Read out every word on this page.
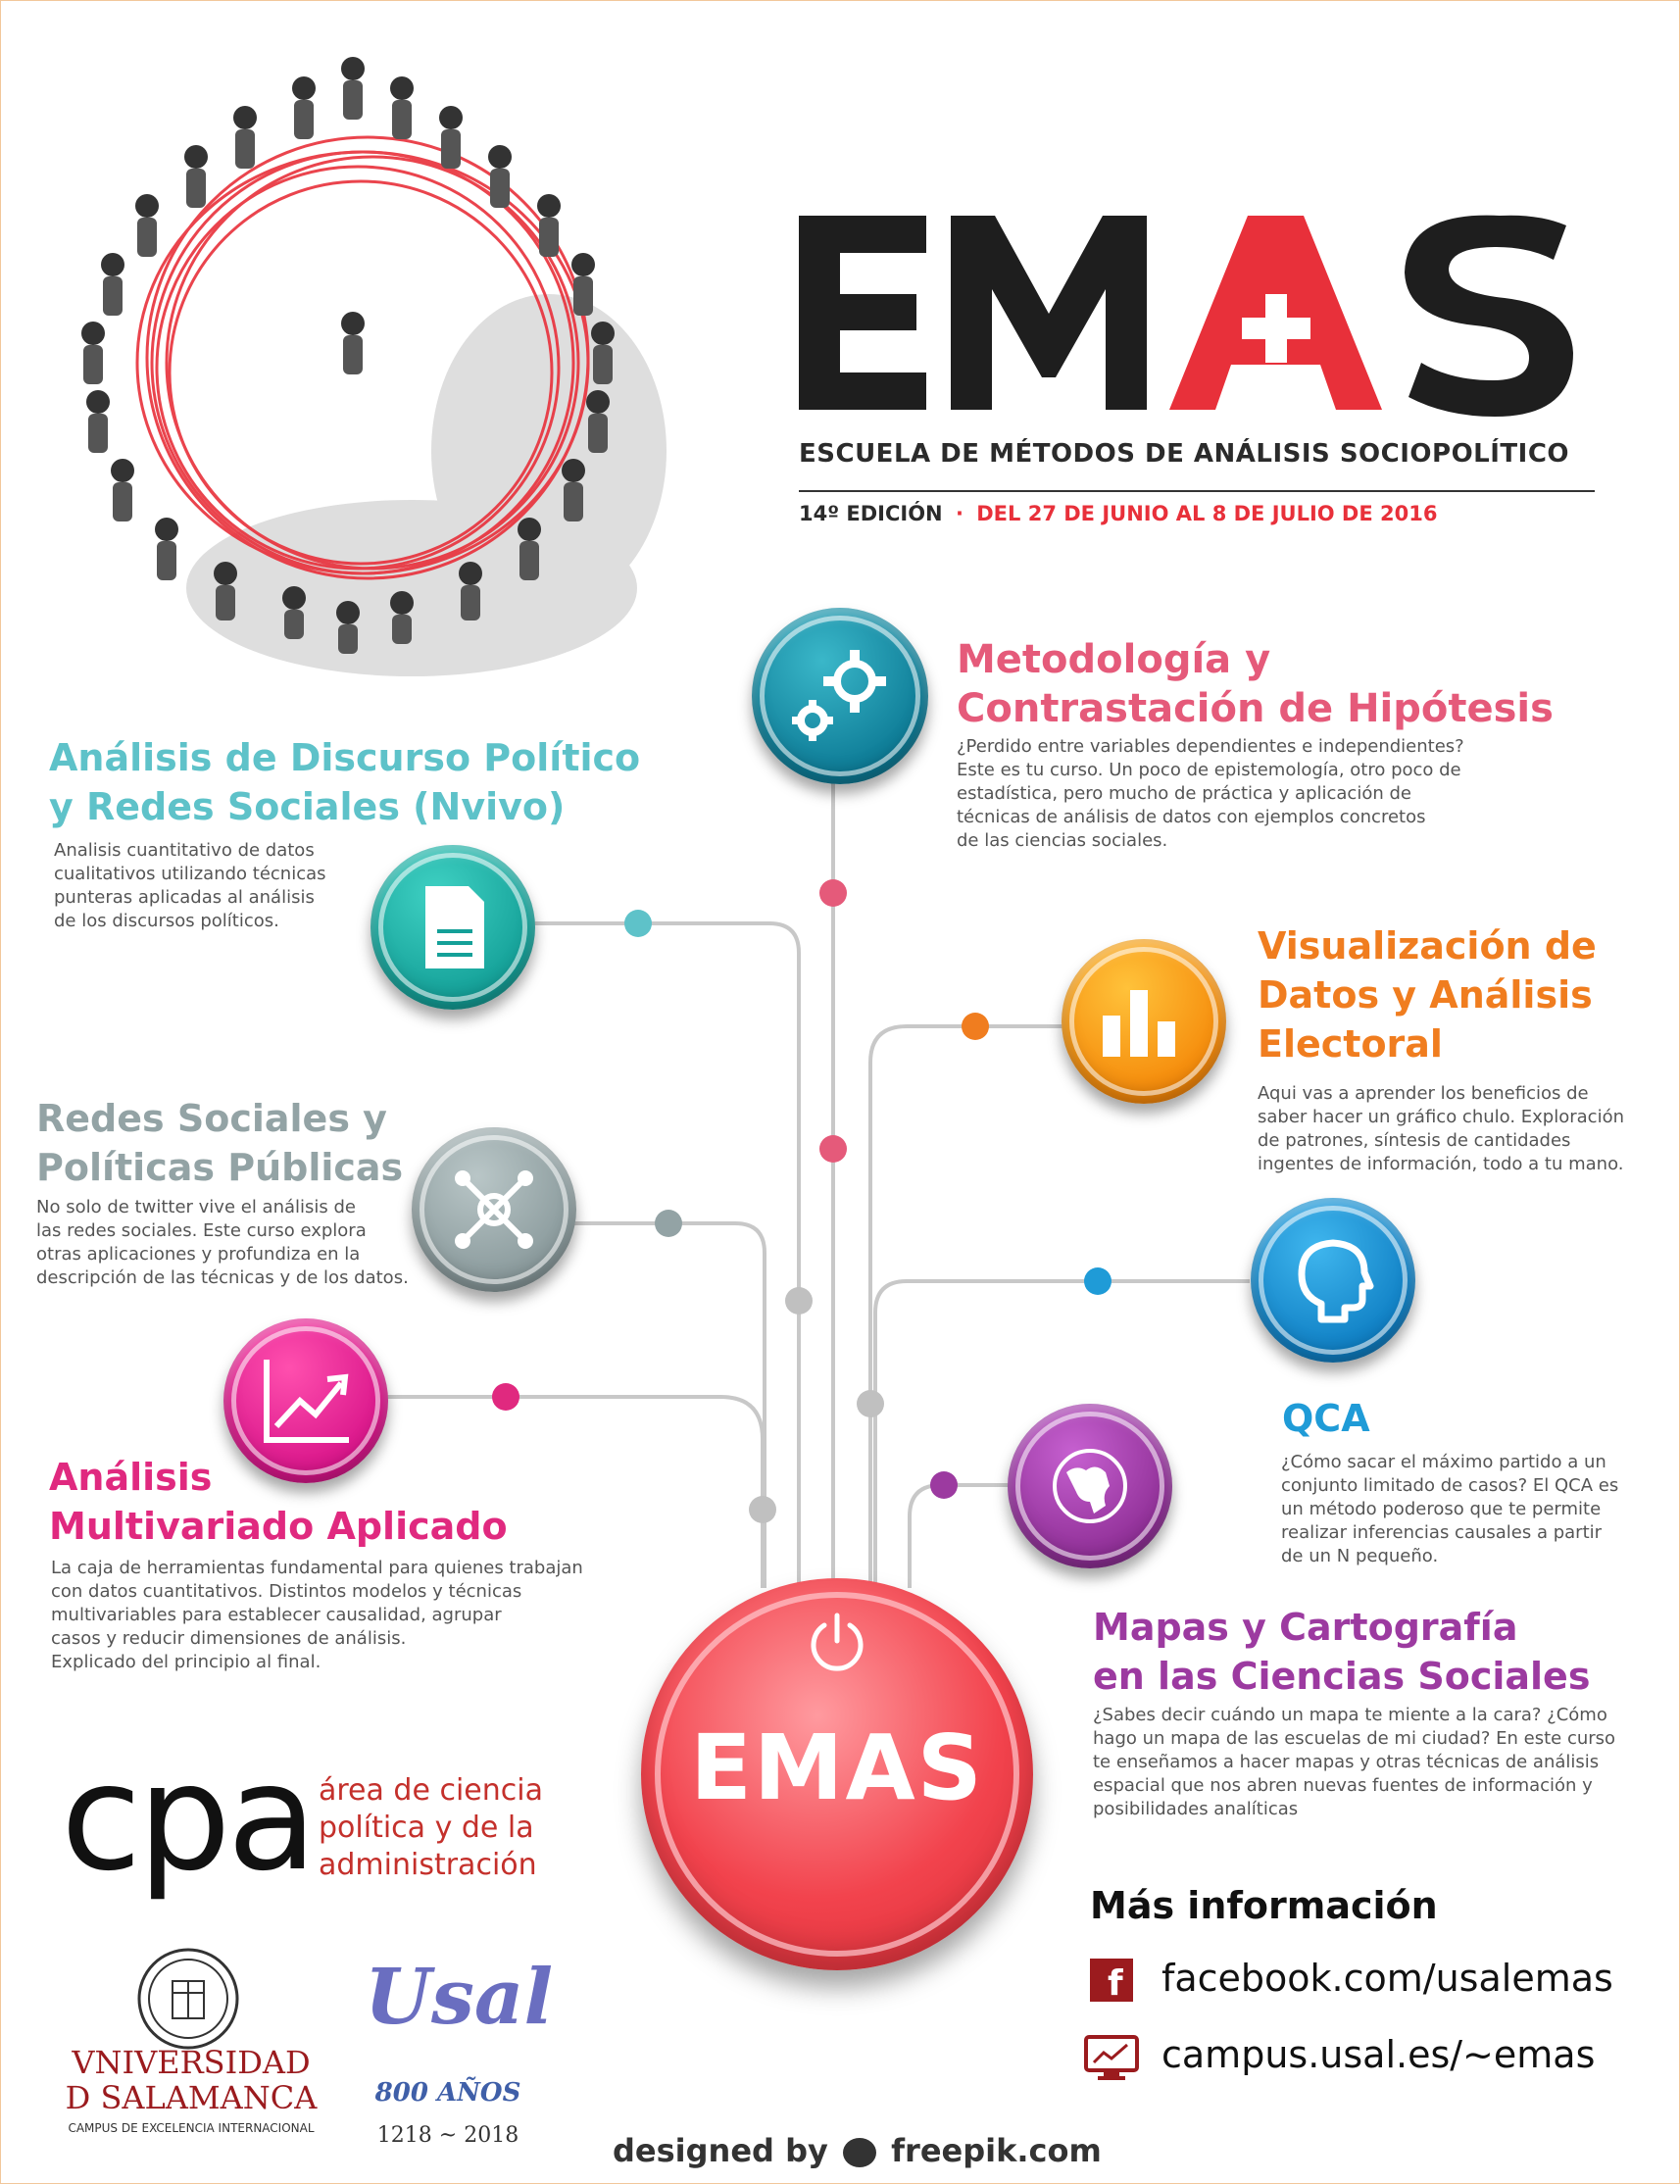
ESCUELA DE MÉTODOS DE ANÁLISIS SOCIOPOLÍTICO
14º EDICIÓN · DEL 27 DE JUNIO AL 8 DE JULIO DE 2016
Metodología y
Contrastación de Hipótesis
¿Perdido entre variables dependientes e independientes?
Este es tu curso. Un poco de epistemología, otro poco de
estadística, pero mucho de práctica y aplicación de
técnicas de análisis de datos con ejemplos concretos
de las ciencias sociales.
Análisis de Discurso Político
y Redes Sociales (Nvivo)
Analisis cuantitativo de datos
cualitativos utilizando técnicas
punteras aplicadas al análisis
de los discursos políticos.
Visualización de
Datos y Análisis
Electoral
Aqui vas a aprender los beneficios de
saber hacer un gráfico chulo. Exploración
de patrones, síntesis de cantidades
ingentes de información, todo a tu mano.
Redes Sociales y
Políticas Públicas
No solo de twitter vive el análisis de
las redes sociales. Este curso explora
otras aplicaciones y profundiza en la
descripción de las técnicas y de los datos.
QCA
¿Cómo sacar el máximo partido a un
conjunto limitado de casos? El QCA es
un método poderoso que te permite
realizar inferencias causales a partir
de un N pequeño.
Análisis
Multivariado Aplicado
La caja de herramientas fundamental para quienes trabajan
con datos cuantitativos. Distintos modelos y técnicas
multivariables para establecer causalidad, agrupar
casos y reducir dimensiones de análisis.
Explicado del principio al final.
Mapas y Cartografía
en las Ciencias Sociales
¿Sabes decir cuándo un mapa te miente a la cara? ¿Cómo
hago un mapa de las escuelas de mi ciudad? En este curso
te enseñamos a hacer mapas y otras técnicas de análisis
espacial que nos abren nuevas fuentes de información y
posibilidades analíticas
EMAS
Más información
f facebook.com/usalemas
campus.usal.es/~emas
cpa área de ciencia
política y de la
administración
VNIVERSIDAD
D SALAMANCA
CAMPUS DE EXCELENCIA INTERNACIONAL
Usal
800 AÑOS
1218 ~ 2018	designed by freepik.com
